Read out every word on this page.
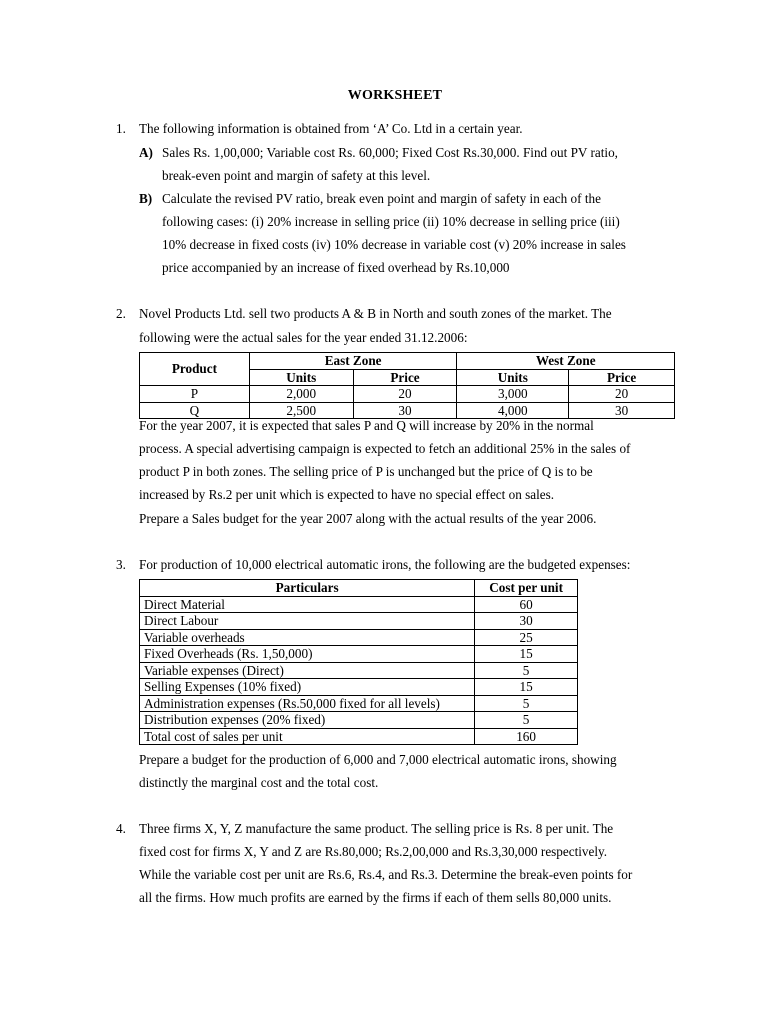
WORKSHEET
1. The following information is obtained from ‘A’ Co. Ltd in a certain year.
A) Sales Rs. 1,00,000; Variable cost Rs. 60,000; Fixed Cost Rs.30,000. Find out PV ratio,
break-even point and margin of safety at this level.
B) Calculate the revised PV ratio, break even point and margin of safety in each of the
following cases: (i) 20% increase in selling price (ii) 10% decrease in selling price (iii)
10% decrease in fixed costs (iv) 10% decrease in variable cost (v) 20% increase in sales
price accompanied by an increase of fixed overhead by Rs.10,000
2. Novel Products Ltd. sell two products A & B in North and south zones of the market. The
following were the actual sales for the year ended 31.12.2006:
Product	East Zone		West Zone	
	Units	Price	Units	Price
P	2,000	20	3,000	20
Q	2,500	30	4,000	30
For the year 2007, it is expected that sales P and Q will increase by 20% in the normal
process. A special advertising campaign is expected to fetch an additional 25% in the sales of
product P in both zones. The selling price of P is unchanged but the price of Q is to be
increased by Rs.2 per unit which is expected to have no special effect on sales.
Prepare a Sales budget for the year 2007 along with the actual results of the year 2006.
3. For production of 10,000 electrical automatic irons, the following are the budgeted expenses:
Particulars	Cost per unit
Direct Material	60
Direct Labour	30
Variable overheads	25
Fixed Overheads (Rs. 1,50,000)	15
Variable expenses (Direct)	5
Selling Expenses (10% fixed)	15
Administration expenses (Rs.50,000 fixed for all levels)	5
Distribution expenses (20% fixed)	5
Total cost of sales per unit	160
Prepare a budget for the production of 6,000 and 7,000 electrical automatic irons, showing
distinctly the marginal cost and the total cost.
4. Three firms X, Y, Z manufacture the same product. The selling price is Rs. 8 per unit. The
fixed cost for firms X, Y and Z are Rs.80,000; Rs.2,00,000 and Rs.3,30,000 respectively.
While the variable cost per unit are Rs.6, Rs.4, and Rs.3. Determine the break-even points for
all the firms. How much profits are earned by the firms if each of them sells 80,000 units.
